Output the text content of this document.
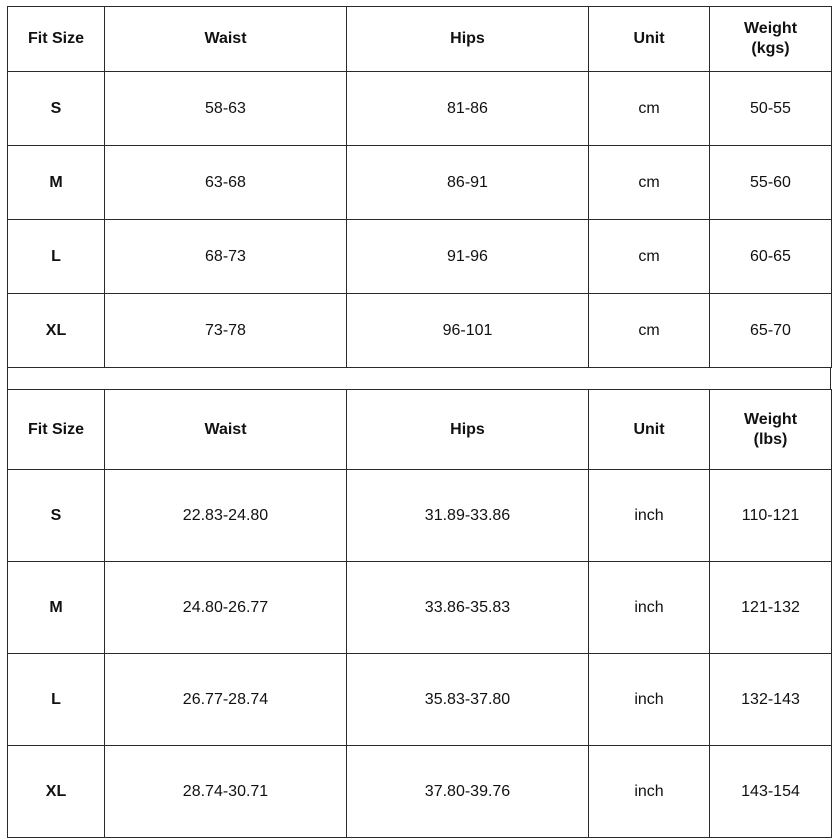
Fit Size	Waist	Hips	Unit	Weight
(kgs)

S	58-63	81-86	cm	50-55
M	63-68	86-91	cm	55-60
L	68-73	91-96	cm	60-65
XL	73-78	96-101	cm	65-70
Fit Size	Waist	Hips	Unit	Weight
(lbs)

S	22.83-24.80	31.89-33.86	inch	110-121
M	24.80-26.77	33.86-35.83	inch	121-132
L	26.77-28.74	35.83-37.80	inch	132-143
XL	28.74-30.71	37.80-39.76	inch	143-154
